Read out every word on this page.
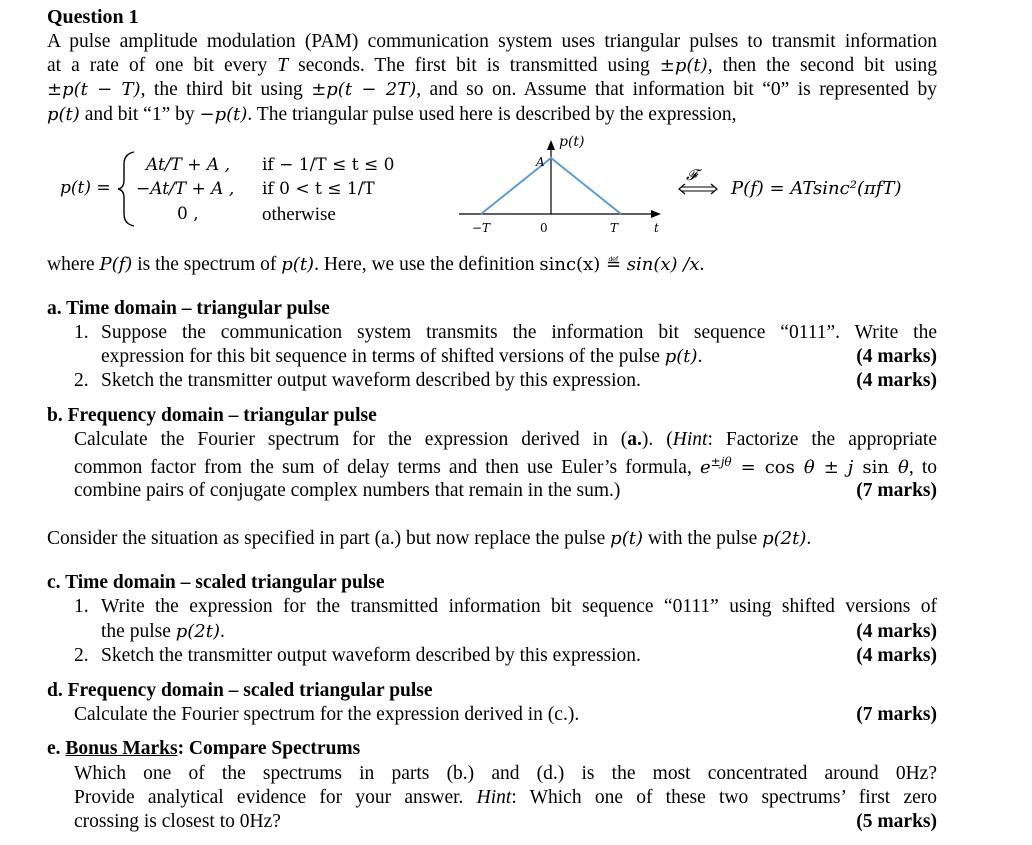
Question 1
A pulse amplitude modulation (PAM) communication system uses triangular pulses to transmit information
at a rate of one bit every T seconds. The first bit is transmitted using ±p(t), then the second bit using
±p(t − T), the third bit using ±p(t − 2T), and so on. Assume that information bit “0” is represented by
p(t) and bit “1” by −p(t). The triangular pulse used here is described by the expression,
p(t) =
At/T + A , if − 1/T ≤ t ≤ 0
−At/T + A , if 0 < t ≤ 1/T
0 ,	otherwise
p(t)
A
−T	0	T	t
𝓕
P(f) = ATsinc²(πfT)
where P(f) is the spectrum of p(t). Here, we use the definition sinc(x) ≝ sin(x) /x.
a. Time domain – triangular pulse
1. Suppose the communication system transmits the information bit sequence “0111”. Write the
expression for this bit sequence in terms of shifted versions of the pulse p(t).	(4 marks)
2. Sketch the transmitter output waveform described by this expression.	(4 marks)
b. Frequency domain – triangular pulse
Calculate the Fourier spectrum for the expression derived in (a.). (Hint: Factorize the appropriate
common factor from the sum of delay terms and then use Euler’s formula, $e^{\pm j\theta} = \cos \theta \pm j$ sin θ, to
combine pairs of conjugate complex numbers that remain in the sum.)	(7 marks)
Consider the situation as specified in part (a.) but now replace the pulse p(t) with the pulse p(2t).
c. Time domain – scaled triangular pulse
1. Write the expression for the transmitted information bit sequence “0111” using shifted versions of
the pulse p(2t).	(4 marks)
2. Sketch the transmitter output waveform described by this expression.	(4 marks)
d. Frequency domain – scaled triangular pulse
Calculate the Fourier spectrum for the expression derived in (c.).	(7 marks)
e. Bonus Marks: Compare Spectrums
Which one of the spectrums in parts (b.) and (d.) is the most concentrated around 0Hz?
Provide analytical evidence for your answer. Hint: Which one of these two spectrums’ first zero
crossing is closest to 0Hz?	(5 marks)
